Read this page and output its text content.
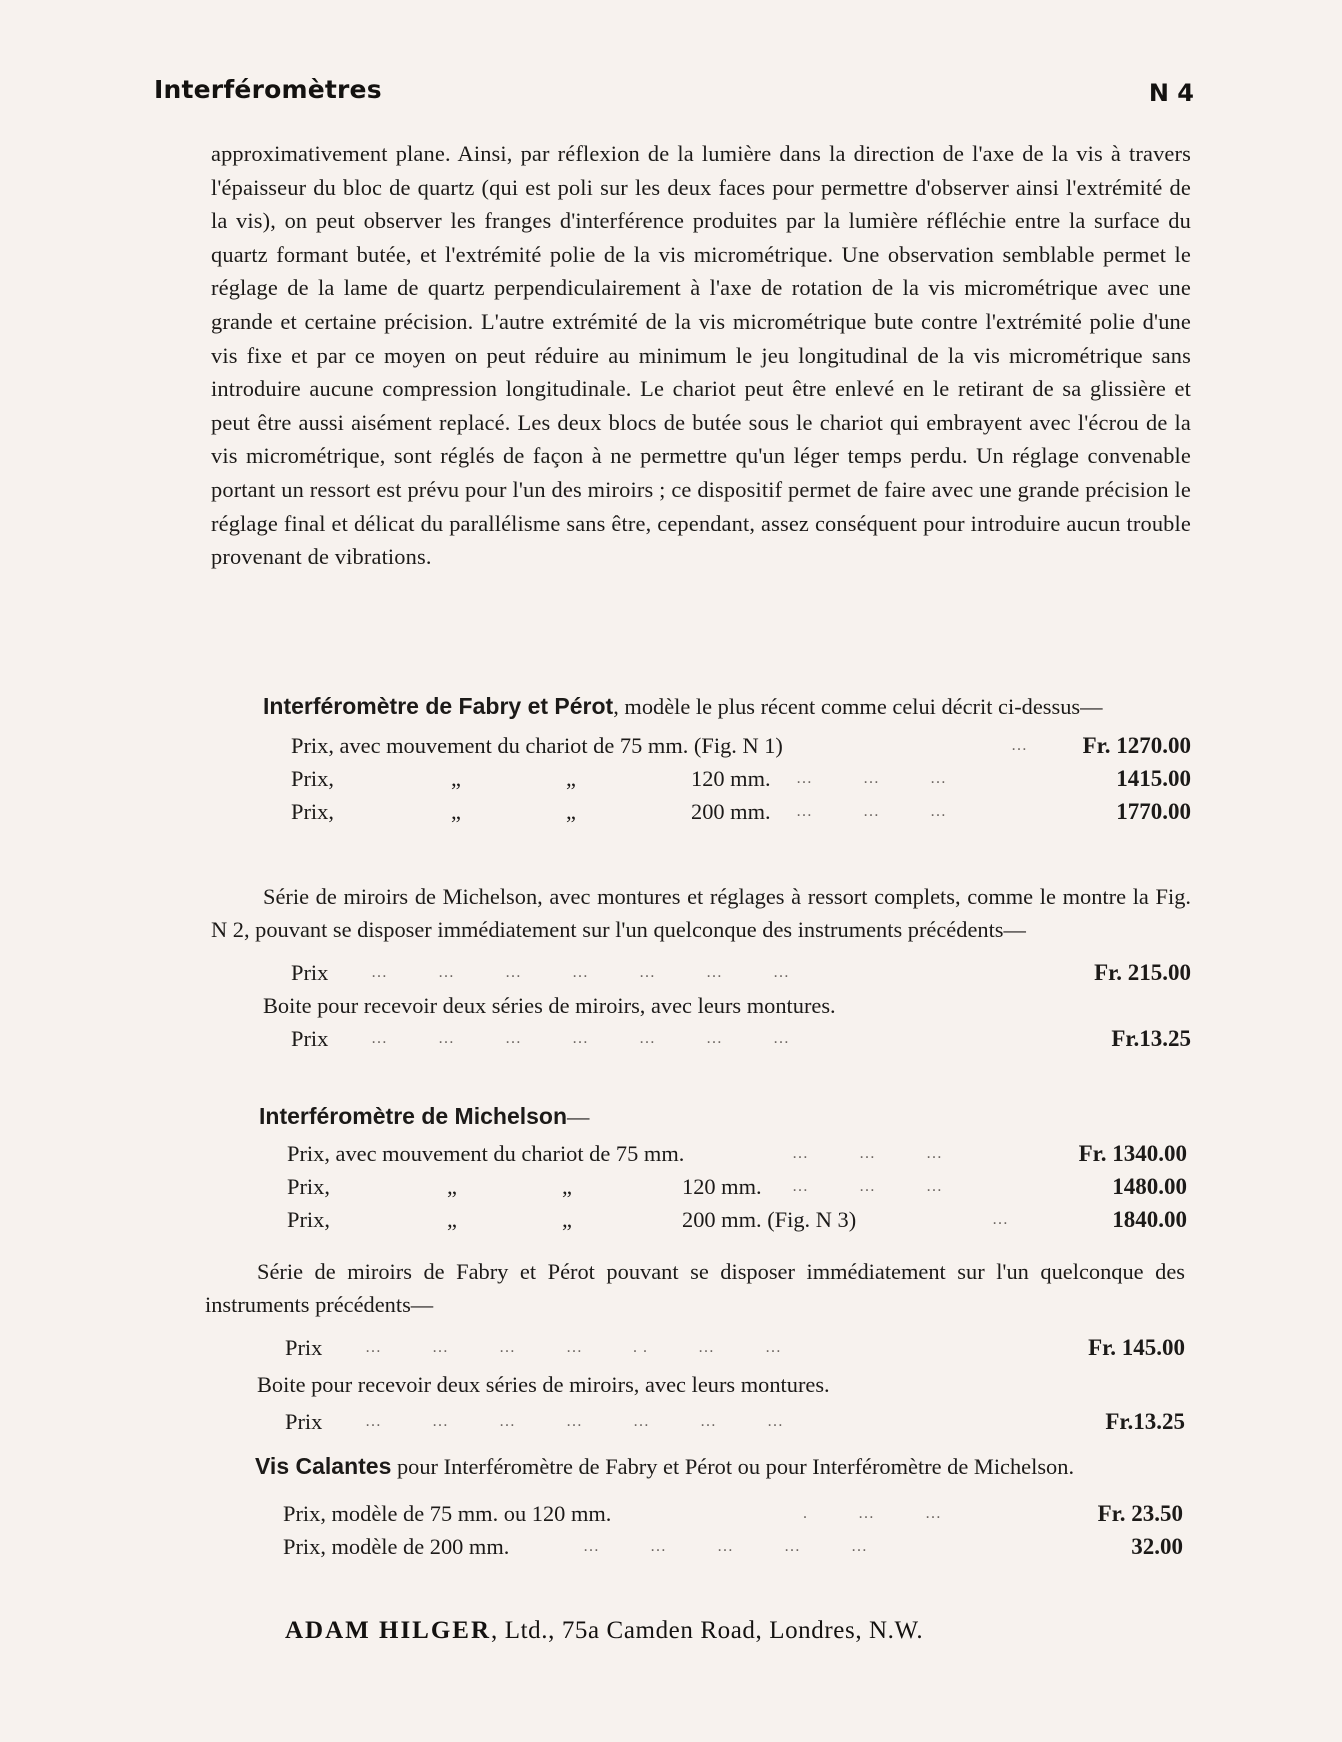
Interféromètres	N 4

approximativement plane. Ainsi, par réflexion de la lumière dans la direction de l'axe de la vis à travers l'épaisseur du bloc de quartz (qui est poli sur les deux faces pour permettre d'observer ainsi l'extrémité de la vis), on peut observer les franges d'interférence produites par la lumière réfléchie entre la surface du quartz formant butée, et l'extrémité polie de la vis micrométrique. Une observation semblable permet le réglage de la lame de quartz perpendiculairement à l'axe de rotation de la vis micrométrique avec une grande et certaine précision. L'autre extrémité de la vis micrométrique bute contre l'extrémité polie d'une vis fixe et par ce moyen on peut réduire au minimum le jeu longitudinal de la vis micrométrique sans introduire aucune compression longitudinale. Le chariot peut être enlevé en le retirant de sa glissière et peut être aussi aisément replacé. Les deux blocs de butée sous le chariot qui embrayent avec l'écrou de la vis micrométrique, sont réglés de façon à ne permettre qu'un léger temps perdu. Un réglage convenable portant un ressort est prévu pour l'un des miroirs ; ce dispositif permet de faire avec une grande précision le réglage final et délicat du parallélisme sans être, cependant, assez conséquent pour introduire aucun trouble provenant de vibrations.

Interféromètre de Fabry et Pérot, modèle le plus récent comme celui décrit ci-dessus—

Prix, avec mouvement du chariot de 75 mm. (Fig. N 1)	… Fr. 1270.00
Prix,	„	„	120 mm. …          …          …	1415.00
Prix,	„	„	200 mm. …          …          …	1770.00

Série de miroirs de Michelson, avec montures et réglages à ressort complets, comme le montre la Fig. N 2, pouvant se disposer immédiatement sur l'un quelconque des instruments précédents—

Prix	…          …          …          …          …          …          …	Fr. 215.00

Boite pour recevoir deux séries de miroirs, avec leurs montures.

Prix	…          …          …          …          …          …          …	Fr.13.25

Interféromètre de Michelson—

Prix, avec mouvement du chariot de 75 mm.	…          …          …	Fr. 1340.00
Prix,	„	„	120 mm. …          …          …	1480.00
Prix,	„	„	200 mm. (Fig. N 3)	…	1840.00

Série de miroirs de Fabry et Pérot pouvant se disposer immédiatement sur l'un quelconque des instruments précédents—

Prix	…          …          …          …          . .          …          …	Fr. 145.00

Boite pour recevoir deux séries de miroirs, avec leurs montures.

Prix	…          …          …          …          …          …          …	Fr.13.25

Vis Calantes pour Interféromètre de Fabry et Pérot ou pour Interféromètre de Michelson.

Prix, modèle de 75 mm. ou 120 mm.	.          …          …	Fr. 23.50
Prix, modèle de 200 mm.	…          …          …          …          …	32.00
ADAM HILGER, Ltd., 75a Camden Road, Londres, N.W.
